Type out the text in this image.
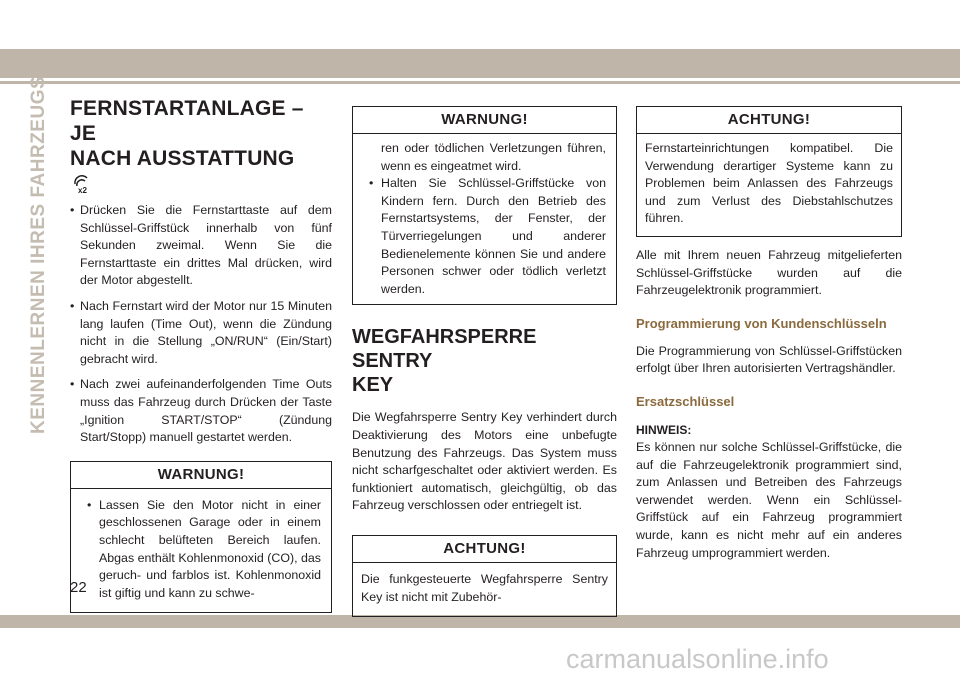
KENNENLERNEN IHRES FAHRZEUGS FERNSTARTANLAGE – JE
NACH AUSSTATTUNG
x2
• Drücken Sie die Fernstarttaste auf dem Schlüssel-Griffstück innerhalb von fünf Sekunden zweimal. Wenn Sie die Fernstarttaste ein drittes Mal drücken, wird der Motor abgestellt.
• Nach Fernstart wird der Motor nur 15 Minuten lang laufen (Time Out), wenn die Zündung nicht in die Stellung „ON/RUN“ (Ein/Start) gebracht wird.
• Nach zwei aufeinanderfolgenden Time Outs muss das Fahrzeug durch Drücken der Taste „Ignition START/STOP“ (Zündung Start/Stopp) manuell gestartet werden.
WARNUNG!
• Lassen Sie den Motor nicht in einer geschlossenen Garage oder in einem schlecht belüfteten Bereich laufen. Abgas enthält Kohlenmonoxid (CO), das geruch- und farblos ist. Kohlenmonoxid ist giftig und kann zu schwe-
WARNUNG!

ren oder tödlichen Verletzungen führen, wenn es eingeatmet wird.

• Halten Sie Schlüssel-Griffstücke von Kindern fern. Durch den Betrieb des Fernstartsystems, der Fenster, der Türverriegelungen und anderer Bedienelemente können Sie und andere Personen schwer oder tödlich verletzt werden.
WEGFAHRSPERRE SENTRY
KEY

Die Wegfahrsperre Sentry Key verhindert durch Deaktivierung des Motors eine unbefugte Benutzung des Fahrzeugs. Das System muss nicht scharfgeschaltet oder aktiviert werden. Es funktioniert automatisch, gleichgültig, ob das Fahrzeug verschlossen oder entriegelt ist.

ACHTUNG!

Die funkgesteuerte Wegfahrsperre Sentry Key ist nicht mit Zubehör-

ACHTUNG!

Fernstarteinrichtungen kompatibel. Die Verwendung derartiger Systeme kann zu Problemen beim Anlassen des Fahrzeugs und zum Verlust des Diebstahlschutzes führen.

Alle mit Ihrem neuen Fahrzeug mitgelieferten Schlüssel-Griffstücke wurden auf die Fahrzeugelektronik programmiert.

Programmierung von Kundenschlüsseln

Die Programmierung von Schlüssel-Griffstücken erfolgt über Ihren autorisierten Vertragshändler.

Ersatzschlüssel
HINWEIS:

Es können nur solche Schlüssel-Griffstücke, die auf die Fahrzeugelektronik programmiert sind, zum Anlassen und Betreiben des Fahrzeugs verwendet werden. Wenn ein Schlüssel-Griffstück auf ein Fahrzeug programmiert wurde, kann es nicht mehr auf ein anderes Fahrzeug umprogrammiert werden.

22
carmanualsonline.info
